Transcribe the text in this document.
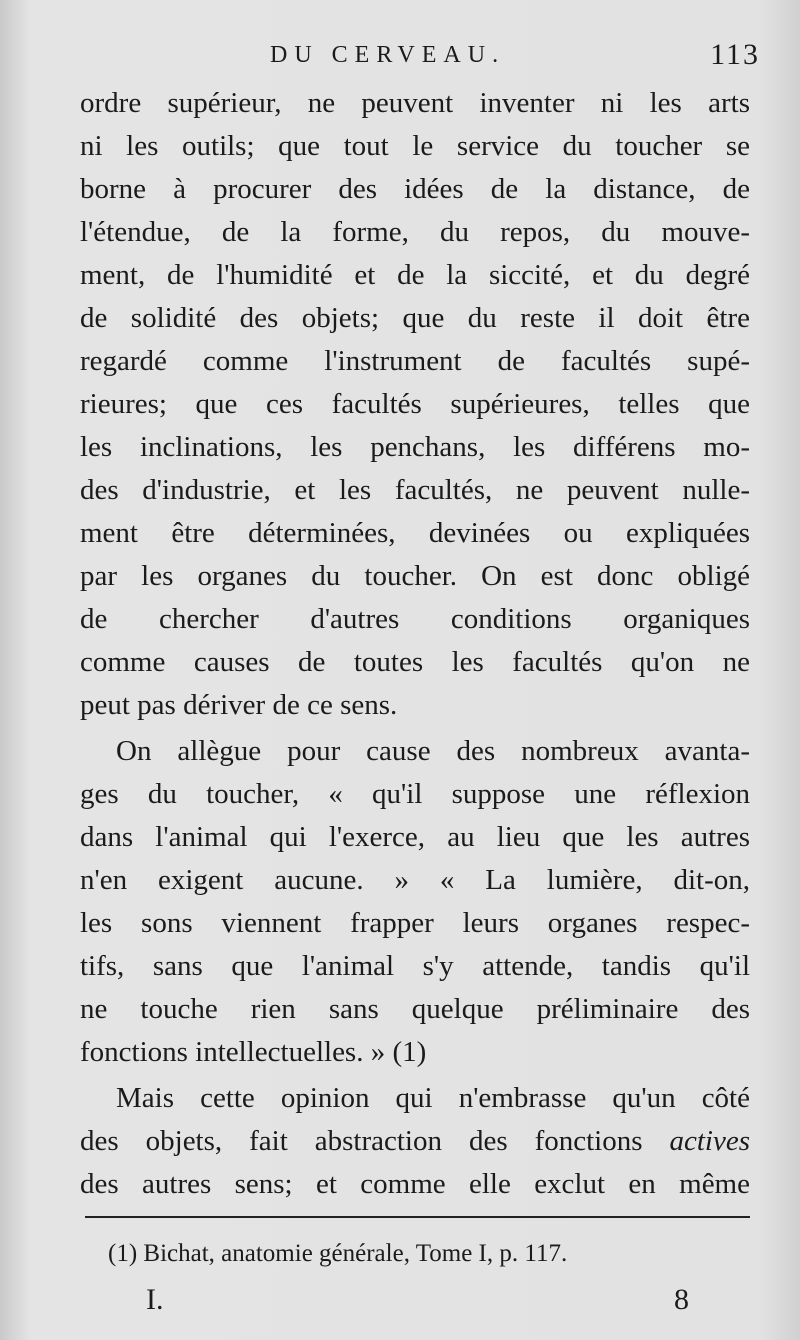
DU CERVEAU.	113
ordre supérieur, ne peuvent inventer ni les arts
ni les outils; que tout le service du toucher se
borne à procurer des idées de la distance, de
l'étendue, de la forme, du repos, du mouve-
ment, de l'humidité et de la siccité, et du degré
de solidité des objets; que du reste il doit être
regardé comme l'instrument de facultés supé-
rieures; que ces facultés supérieures, telles que
les inclinations, les penchans, les différens mo-
des d'industrie, et les facultés, ne peuvent nulle-
ment être déterminées, devinées ou expliquées
par les organes du toucher. On est donc obligé
de chercher d'autres conditions organiques
comme causes de toutes les facultés qu'on ne
peut pas dériver de ce sens.
On allègue pour cause des nombreux avanta-
ges du toucher, « qu'il suppose une réflexion
dans l'animal qui l'exerce, au lieu que les autres
n'en exigent aucune. » « La lumière, dit-on,
les sons viennent frapper leurs organes respec-
tifs, sans que l'animal s'y attende, tandis qu'il
ne touche rien sans quelque préliminaire des
fonctions intellectuelles. » (1)
Mais cette opinion qui n'embrasse qu'un côté
des objets, fait abstraction des fonctions actives
des autres sens; et comme elle exclut en même
(1) Bichat, anatomie générale, Tome I, p. 117.
I.	8
